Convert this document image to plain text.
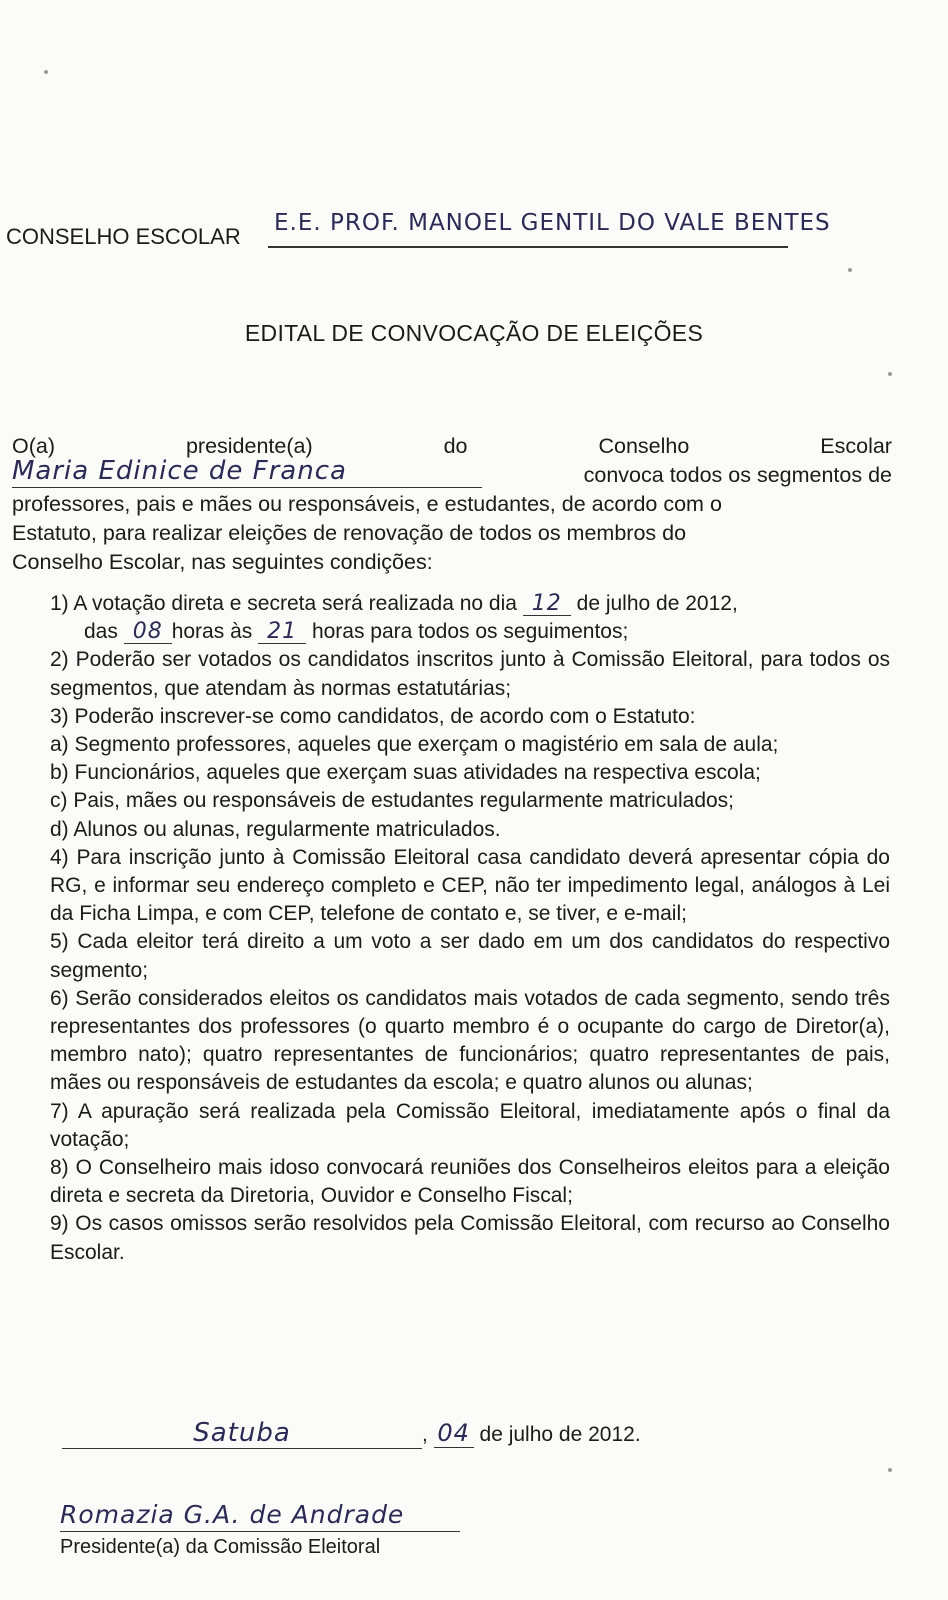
CONSELHO ESCOLAR
E.E. PROF. MANOEL GENTIL DO VALE BENTES
EDITAL DE CONVOCAÇÃO DE ELEIÇÕES
O(a)	presidente(a)	do	Conselho	Escolar
Maria Edinice de Franca	convoca todos os segmentos de
professores, pais e mães ou responsáveis, e estudantes, de acordo com o
Estatuto, para realizar eleições de renovação de todos os membros do
Conselho Escolar, nas seguintes condições:

1) A votação direta e secreta será realizada no dia 12 de julho de 2012,
das 08 horas às 21 horas para todos os seguimentos;

2) Poderão ser votados os candidatos inscritos junto à Comissão Eleitoral, para todos os segmentos, que atendam às normas estatutárias;

3) Poderão inscrever-se como candidatos, de acordo com o Estatuto:

a) Segmento professores, aqueles que exerçam o magistério em sala de aula;

b) Funcionários, aqueles que exerçam suas atividades na respectiva escola;

c) Pais, mães ou responsáveis de estudantes regularmente matriculados;

d) Alunos ou alunas, regularmente matriculados.

4) Para inscrição junto à Comissão Eleitoral casa candidato deverá apresentar cópia do RG, e informar seu endereço completo e CEP, não ter impedimento legal, análogos à Lei da Ficha Limpa, e com CEP, telefone de contato e, se tiver, e e-mail;

5) Cada eleitor terá direito a um voto a ser dado em um dos candidatos do respectivo segmento;

6) Serão considerados eleitos os candidatos mais votados de cada segmento, sendo três representantes dos professores (o quarto membro é o ocupante do cargo de Diretor(a), membro nato); quatro representantes de funcionários; quatro representantes de pais, mães ou responsáveis de estudantes da escola; e quatro alunos ou alunas;

7) A apuração será realizada pela Comissão Eleitoral, imediatamente após o final da votação;

8) O Conselheiro mais idoso convocará reuniões dos Conselheiros eleitos para a eleição direta e secreta da Diretoria, Ouvidor e Conselho Fiscal;

9) Os casos omissos serão resolvidos pela Comissão Eleitoral, com recurso ao Conselho Escolar.

Satuba	, 04 de julho de 2012.
Romazia G.A. de Andrade
Presidente(a) da Comissão Eleitoral
